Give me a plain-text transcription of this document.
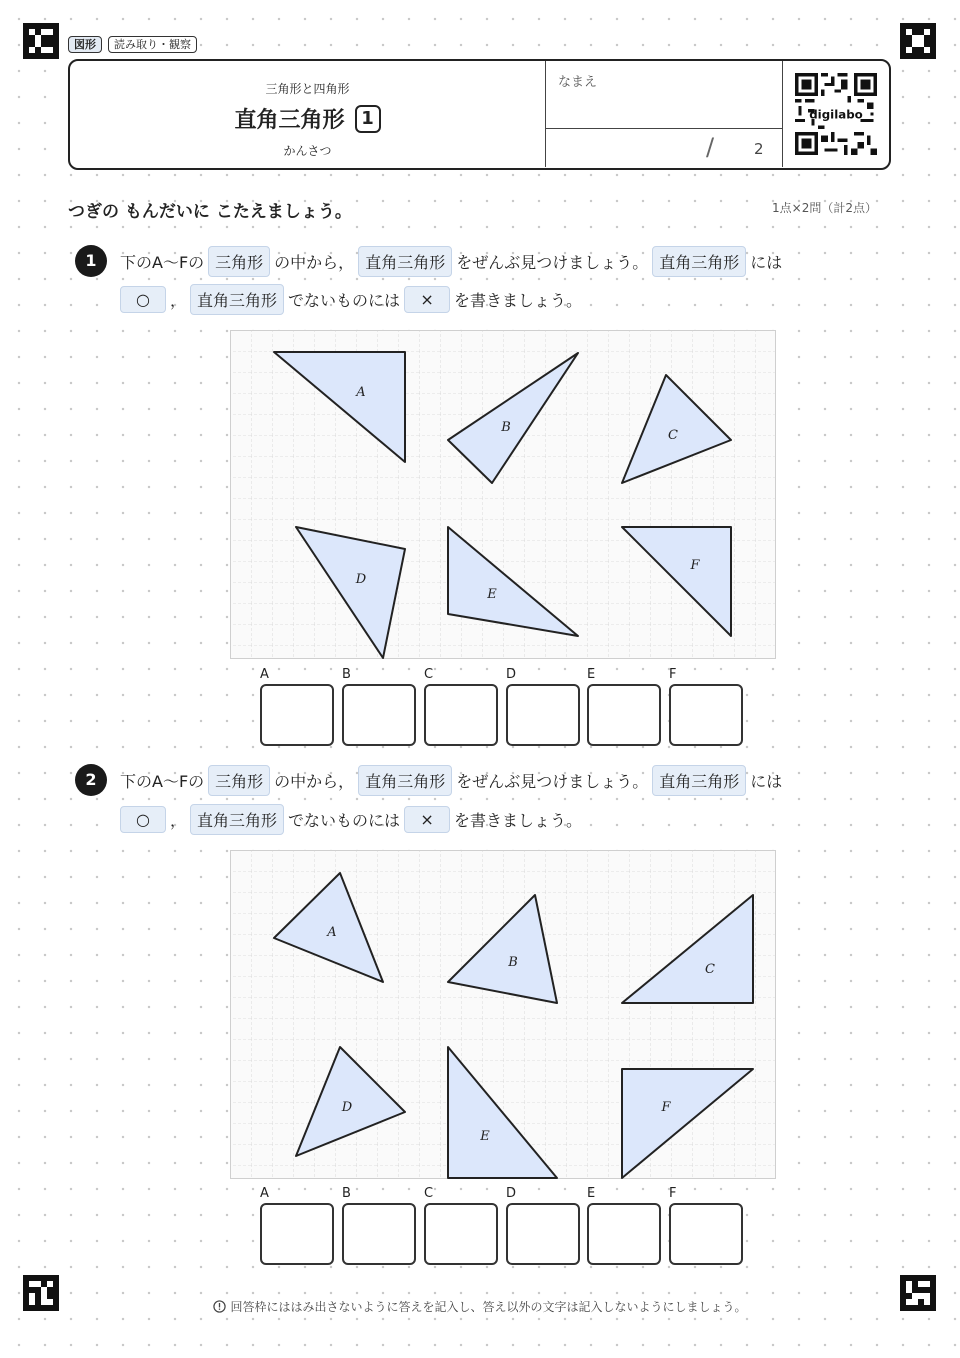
図形	読み取り・観察
三角形と四角形
直角三角形 1
かんさつ
なまえ
/	2
digilabo
つぎの もんだいに こたえましょう。	1点×2問（計2点）
1	下のA〜Fの 三角形 の中から， 直角三角形 をぜんぶ見つけましょう。 直角三角形 には
○	， 直角三角形 でないものには	×	を書きましょう。
A
B
C
D
E
F
A	B	C	D	E	F
2	下のA〜Fの 三角形 の中から， 直角三角形 をぜんぶ見つけましょう。 直角三角形 には
○	， 直角三角形 でないものには	×	を書きましょう。
A
B	C
D
E
F
A	B	C	D	E	F
回答枠にははみ出さないように答えを記入し、答え以外の文字は記入しないようにしましょう。
